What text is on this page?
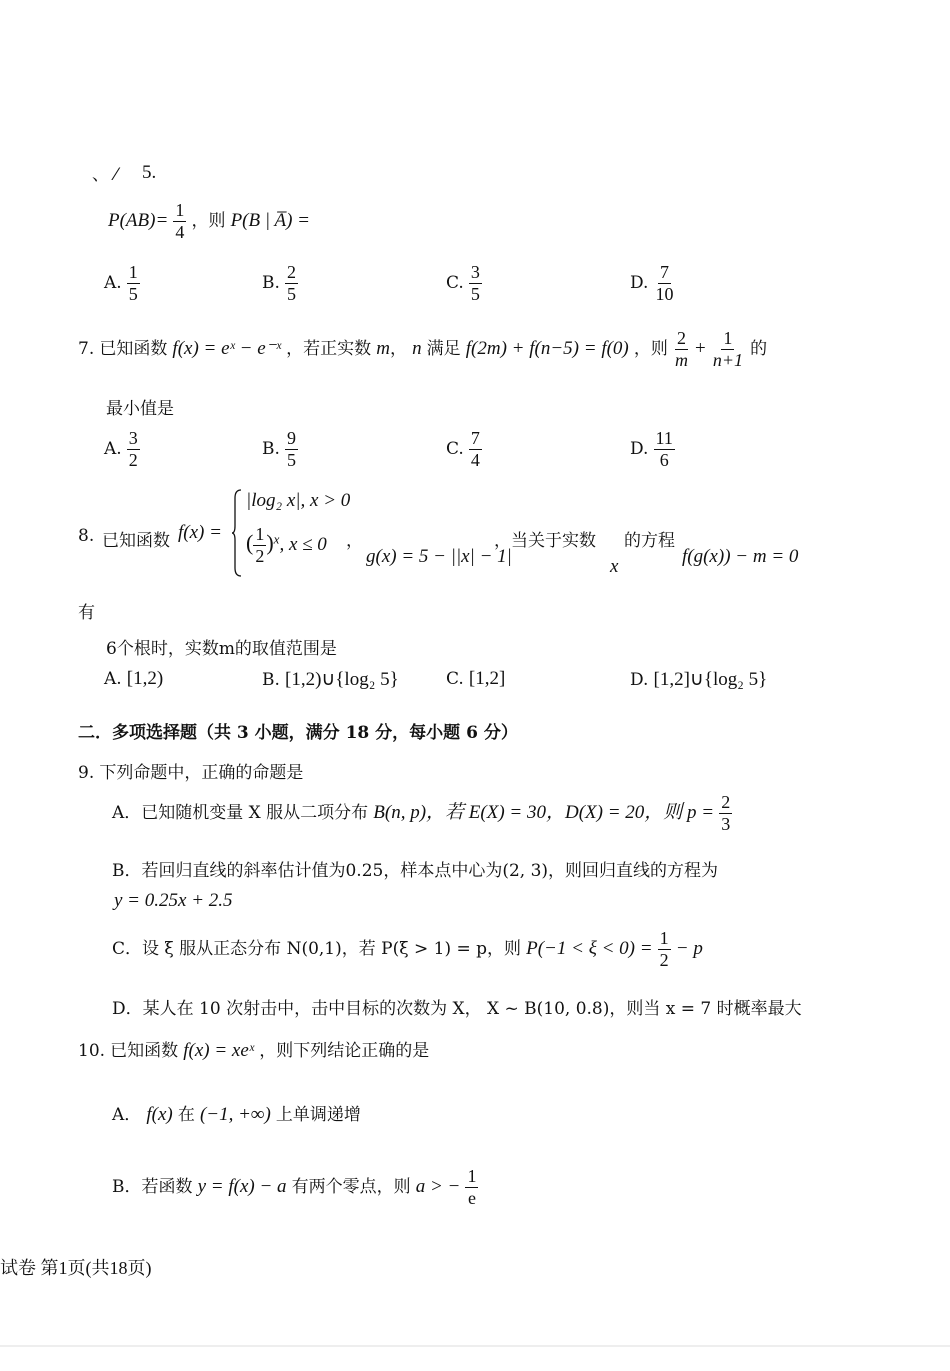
、 ⁄ 5.
$P(AB)= \frac{1}{4}$ ，则 P(B | A̅) =
A. $\frac{1}{5}$	B. $\frac{2}{5}$	C. $\frac{3}{5}$	D. $\frac{7}{10}$
7. 已知函数 f(x) = eˣ − e⁻ˣ ，若正实数 m， n 满足 f(2m) + f(n−5) = f(0) ，则 $\frac{2}{m} + \frac{1}{n+1}$ 的
最小值是
A. $\frac{3}{2}$	B. $\frac{9}{5}$	C. $\frac{7}{4}$	D. $\frac{11}{6}$
8. 已知函数 f(x) =
|log₂ x|, x > 0
( $\frac{1}{2} )^x$, x ≤ 0 ，
g(x) = 5 − ||x| − 1|
，当关于实数
x
的方程
f(g(x)) − m = 0
有
6个根时，实数m的取值范围是
A. [1,2)	B. [1,2)∪{log₂ 5}	C. [1,2]	D. [1,2]∪{log₂ 5}
二．多项选择题（共 3 小题，满分 18 分，每小题 6 分）
9. 下列命题中，正确的命题是
A．已知随机变量 X 服从二项分布 B(n, p)，若 E(X) = 30，D(X) = 20，则 $p = \frac{2}{3}$
B．若回归直线的斜率估计值为0.25，样本点中心为(2, 3)，则回归直线的方程为
y = 0.25x + 2.5
C．设 ξ 服从正态分布 N(0,1)，若 P(ξ > 1) = p，则 $P(-1 < \xi < 0) = \frac{1}{2} - p$
D．某人在 10 次射击中，击中目标的次数为 X， X ~ B(10, 0.8)，则当 x = 7 时概率最大
10. 已知函数 f(x) = xeˣ ，则下列结论正确的是
A． f(x) 在 (−1, +∞) 上单调递增
B．若函数 y = f(x) − a 有两个零点，则 a > − $\frac{1}{e}$
试卷 第1页(共18页)
